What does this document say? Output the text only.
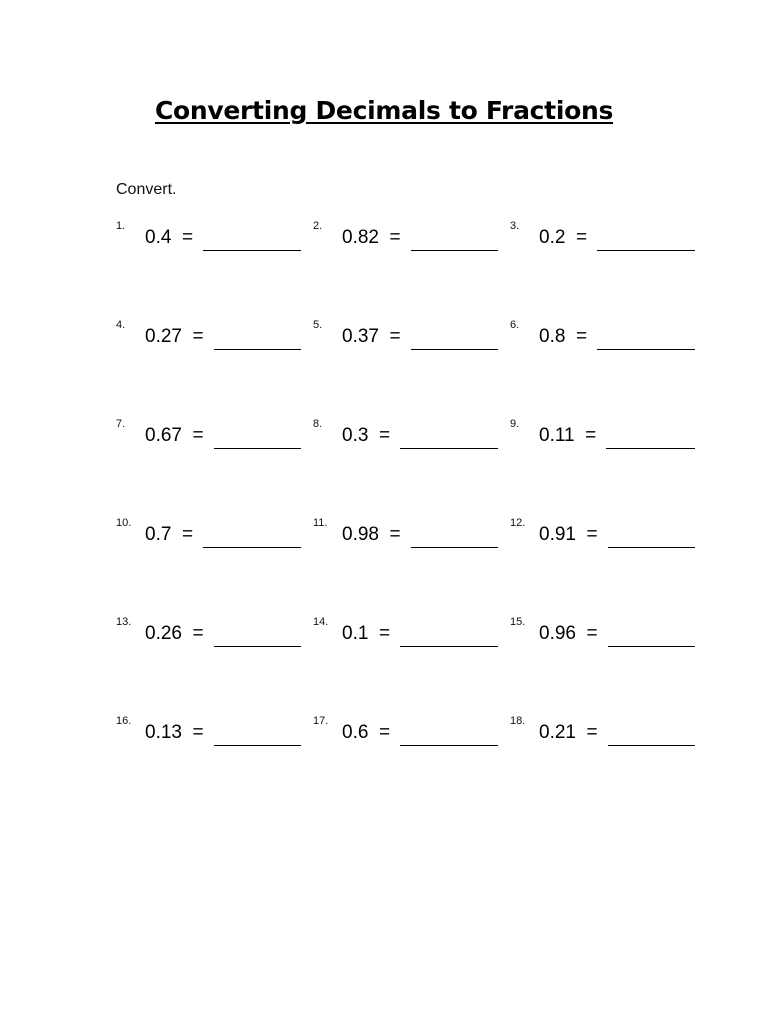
Converting Decimals to Fractions
Convert.
1.
0.4 =
2.
0.82 =
3.
0.2 =
4.
0.27 =
5.
0.37 =
6.
0.8 =
7.
0.67 =
8.
0.3 =
9.
0.11 =
10.
0.7 =
11.
0.98 =
12.
0.91 =
13.
0.26 =
14.
0.1 =
15.
0.96 =
16.
0.13 =
17.
0.6 =
18.
0.21 =
